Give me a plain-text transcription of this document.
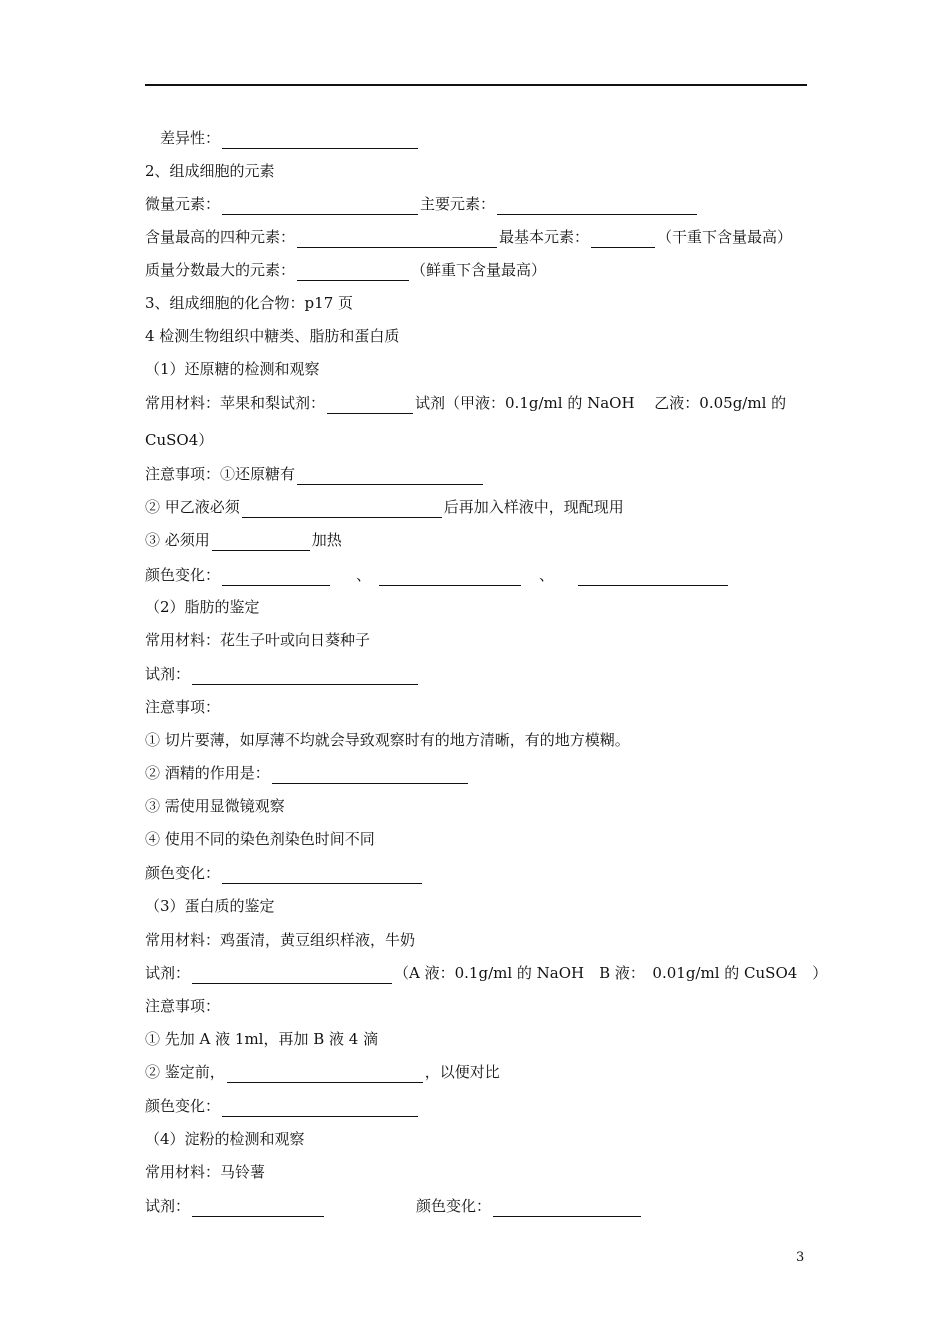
差异性：
2、组成细胞的元素
微量元素：	主要元素：
含量最高的四种元素：	最基本元素：	（干重下含量最高）
质量分数最大的元素：	（鲜重下含量最高）
3、组成细胞的化合物：p17 页
4 检测生物组织中糖类、脂肪和蛋白质
（1）还原糖的检测和观察
常用材料：苹果和梨试剂：	试剂（甲液：0.1g/ml 的 NaOH　 乙液：0.05g/ml 的
CuSO4）
注意事项：①还原糖有
② 甲乙液必须	后再加入样液中，现配现用
③ 必须用	加热
颜色变化：	、	、
（2）脂肪的鉴定
常用材料：花生子叶或向日葵种子
试剂：
注意事项：
① 切片要薄，如厚薄不均就会导致观察时有的地方清晰，有的地方模糊。
② 酒精的作用是：
③ 需使用显微镜观察
④ 使用不同的染色剂染色时间不同
颜色变化：
（3）蛋白质的鉴定
常用材料：鸡蛋清，黄豆组织样液，牛奶
试剂：	（A 液：0.1g/ml 的 NaOH　B 液：　0.01g/ml 的 CuSO4　）
注意事项：
① 先加 A 液 1ml，再加 B 液 4 滴
② 鉴定前，	，以便对比
颜色变化：
（4）淀粉的检测和观察
常用材料：马铃薯
试剂：	颜色变化：
3
